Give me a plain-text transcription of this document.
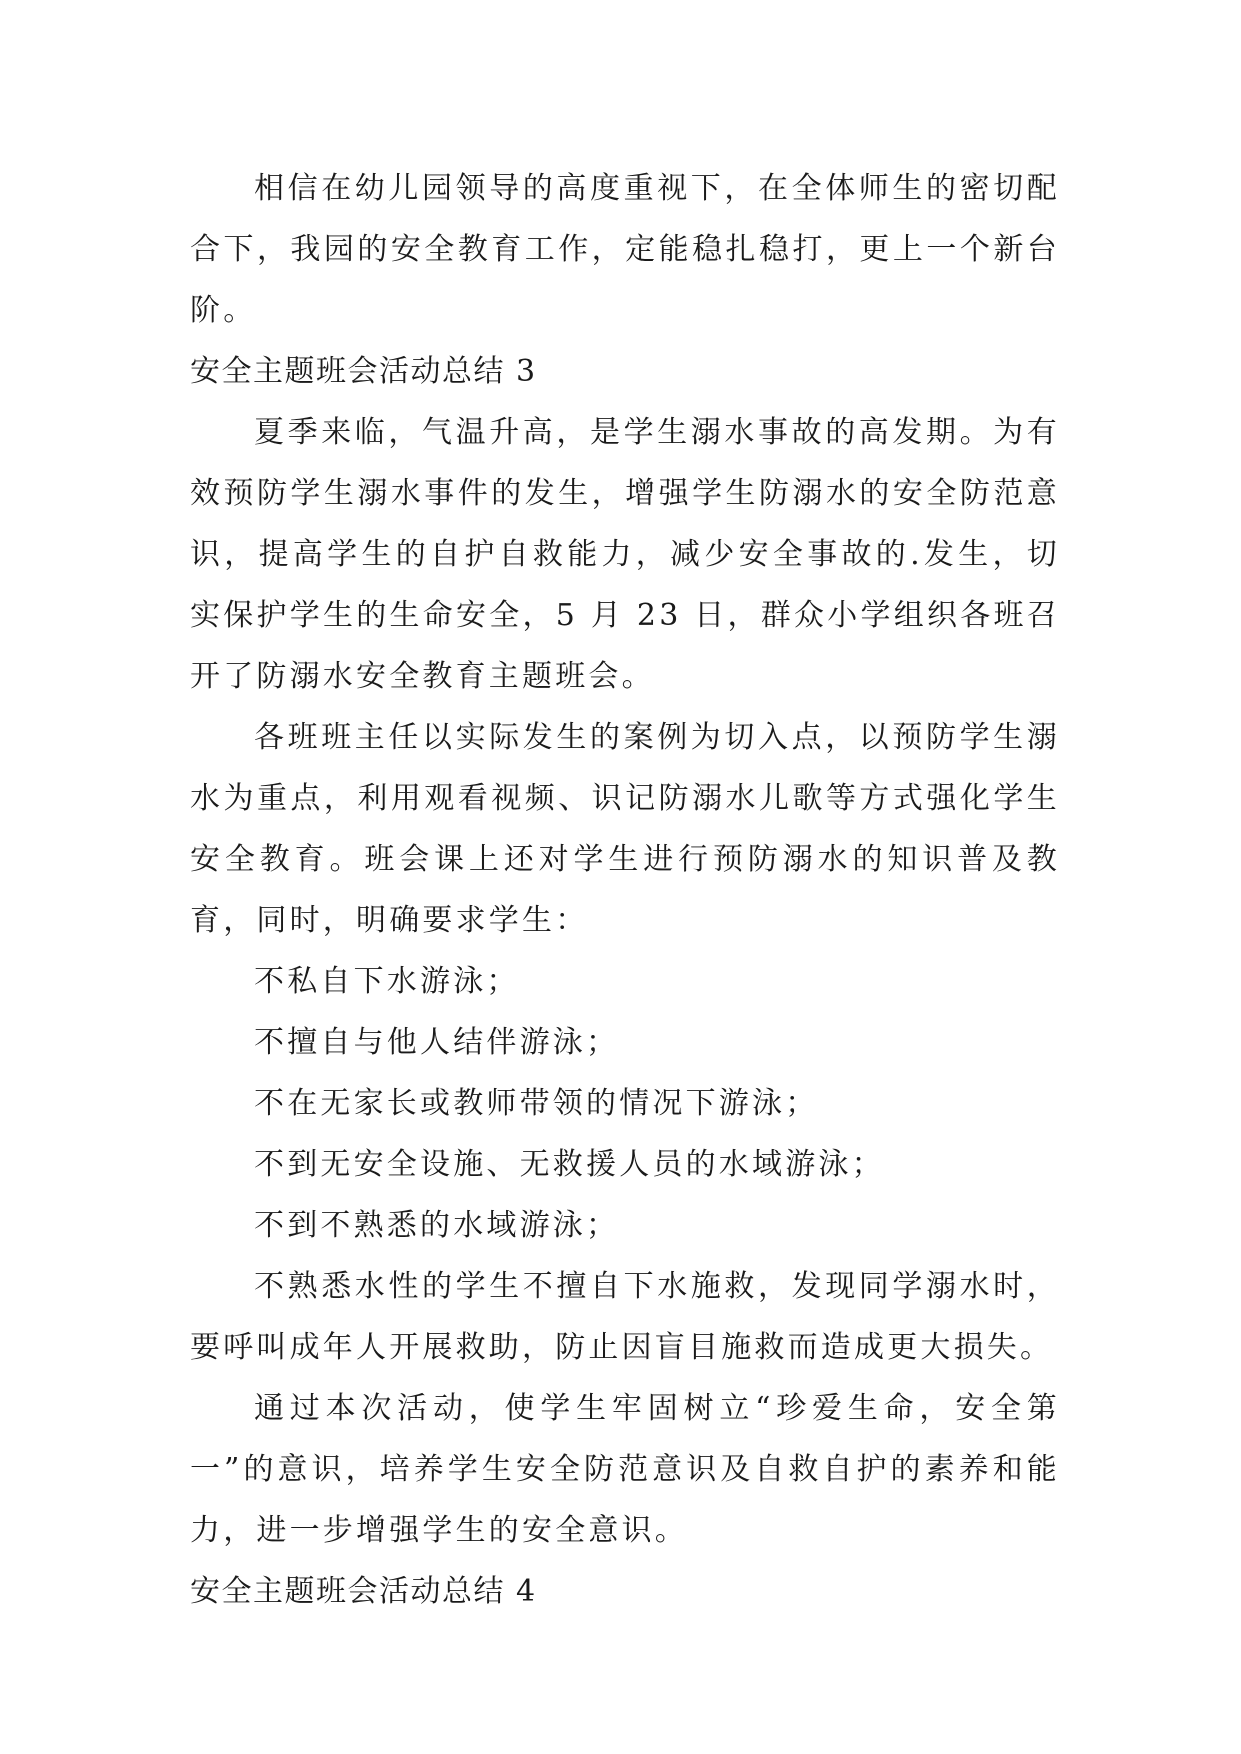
相信在幼儿园领导的高度重视下，在全体师生的密切配合下，我园的安全教育工作，定能稳扎稳打，更上一个新台阶。

安全主题班会活动总结 3

夏季来临，气温升高，是学生溺水事故的高发期。为有效预防学生溺水事件的发生，增强学生防溺水的安全防范意识，提高学生的自护自救能力，减少安全事故的.发生，切实保护学生的生命安全，5 月 23 日，群众小学组织各班召开了防溺水安全教育主题班会。

各班班主任以实际发生的案例为切入点，以预防学生溺水为重点，利用观看视频、识记防溺水儿歌等方式强化学生安全教育。班会课上还对学生进行预防溺水的知识普及教育，同时，明确要求学生：

不私自下水游泳；

不擅自与他人结伴游泳；

不在无家长或教师带领的情况下游泳；

不到无安全设施、无救援人员的水域游泳；

不到不熟悉的水域游泳；

不熟悉水性的学生不擅自下水施救，发现同学溺水时，要呼叫成年人开展救助，防止因盲目施救而造成更大损失。

通过本次活动，使学生牢固树立“珍爱生命，安全第一”的意识，培养学生安全防范意识及自救自护的素养和能力，进一步增强学生的安全意识。

安全主题班会活动总结 4
